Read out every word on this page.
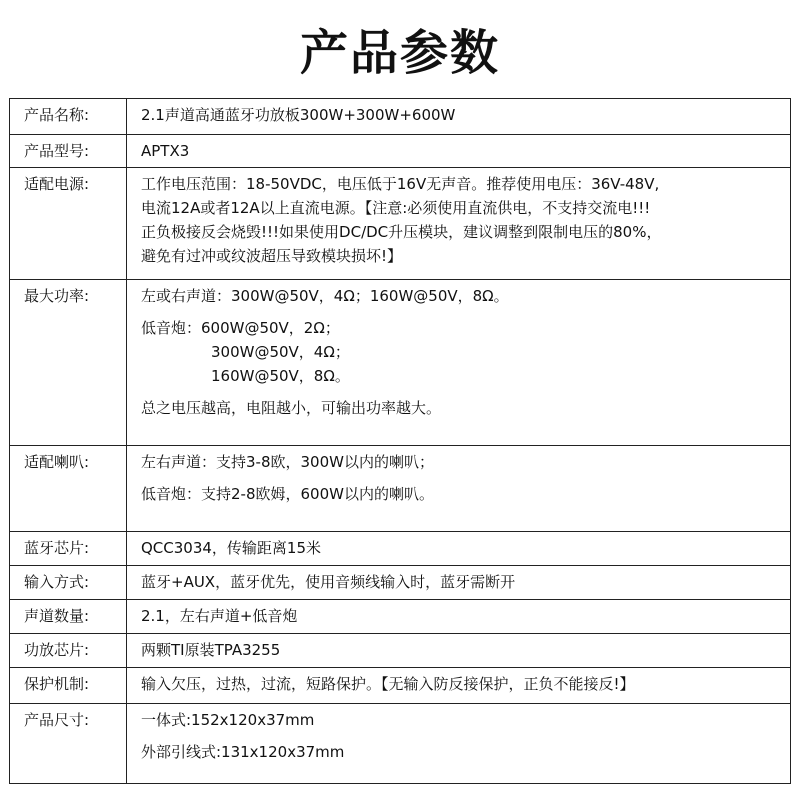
产品参数
产品名称:	2.1声道高通蓝牙功放板300W+300W+600W

产品型号:	APTX3

适配电源:	工作电压范围：18-50VDC，电压低于16V无声音。推荐使用电压：36V-48V,
电流12A或者12A以上直流电源。【注意:必须使用直流供电，不支持交流电!!!
正负极接反会烧毁!!!如果使用DC/DC升压模块，建议调整到限制电压的80%，
避免有过冲或纹波超压导致模块损坏!】

最大功率:	左或右声道：300W@50V，4Ω；160W@50V，8Ω。
低音炮：600W@50V，2Ω；
300W@50V，4Ω；
160W@50V，8Ω。
总之电压越高，电阻越小，可输出功率越大。

适配喇叭:	左右声道：支持3-8欧，300W以内的喇叭；
低音炮：支持2-8欧姆，600W以内的喇叭。

蓝牙芯片:	QCC3034，传输距离15米

输入方式:	蓝牙+AUX，蓝牙优先，使用音频线输入时，蓝牙需断开

声道数量:	2.1，左右声道+低音炮

功放芯片:	两颗TI原装TPA3255

保护机制:	输入欠压，过热，过流，短路保护。【无输入防反接保护，正负不能接反!】

产品尺寸:	一体式:152x120x37mm
外部引线式:131x120x37mm
